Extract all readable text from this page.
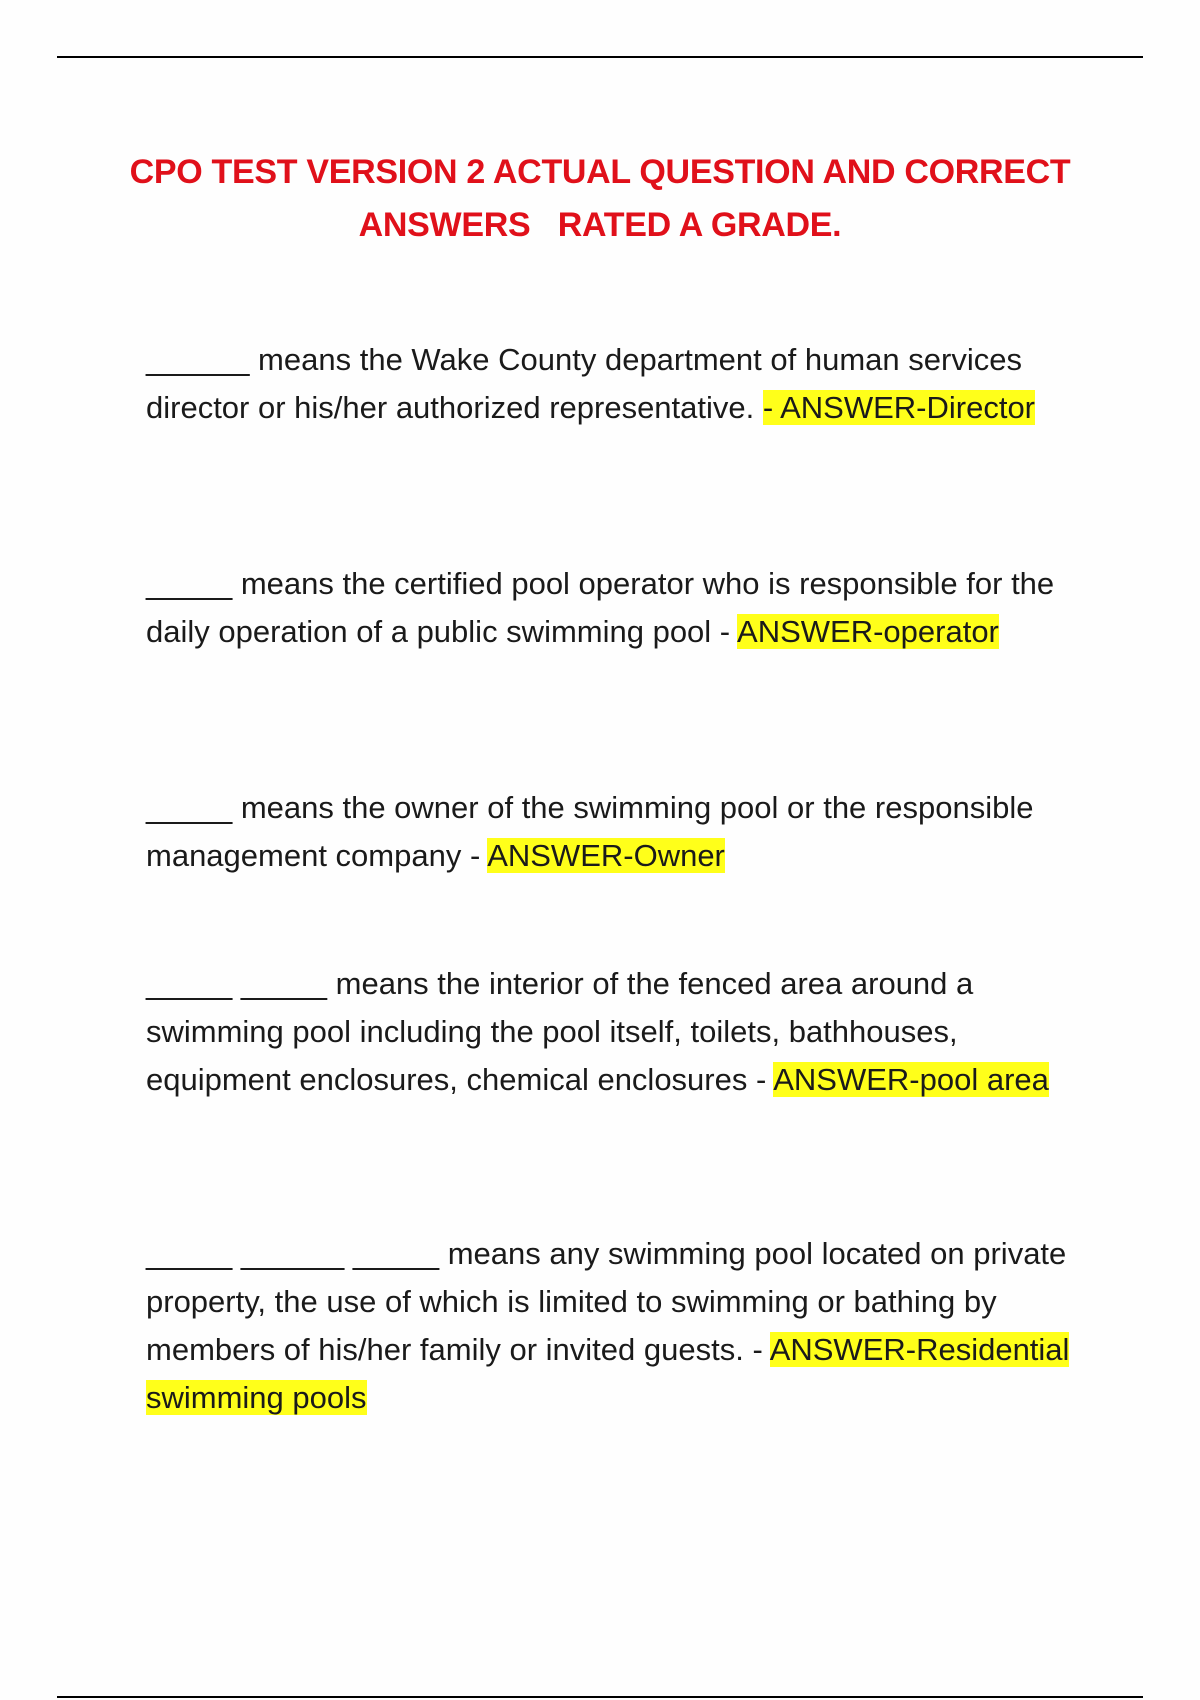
CPO TEST VERSION 2 ACTUAL QUESTION AND CORRECT
ANSWERS   RATED A GRADE.
______ means the Wake County department of human services director or his/her authorized representative. - ANSWER-Director
_____ means the certified pool operator who is responsible for the daily operation of a public swimming pool - ANSWER-operator
_____ means the owner of the swimming pool or the responsible management company - ANSWER-Owner
_____ _____ means the interior of the fenced area around a swimming pool including the pool itself, toilets, bathhouses, equipment enclosures, chemical enclosures - ANSWER-pool area
_____ ______ _____ means any swimming pool located on private property, the use of which is limited to swimming or bathing by members of his/her family or invited guests. - ANSWER-Residential swimming pools
